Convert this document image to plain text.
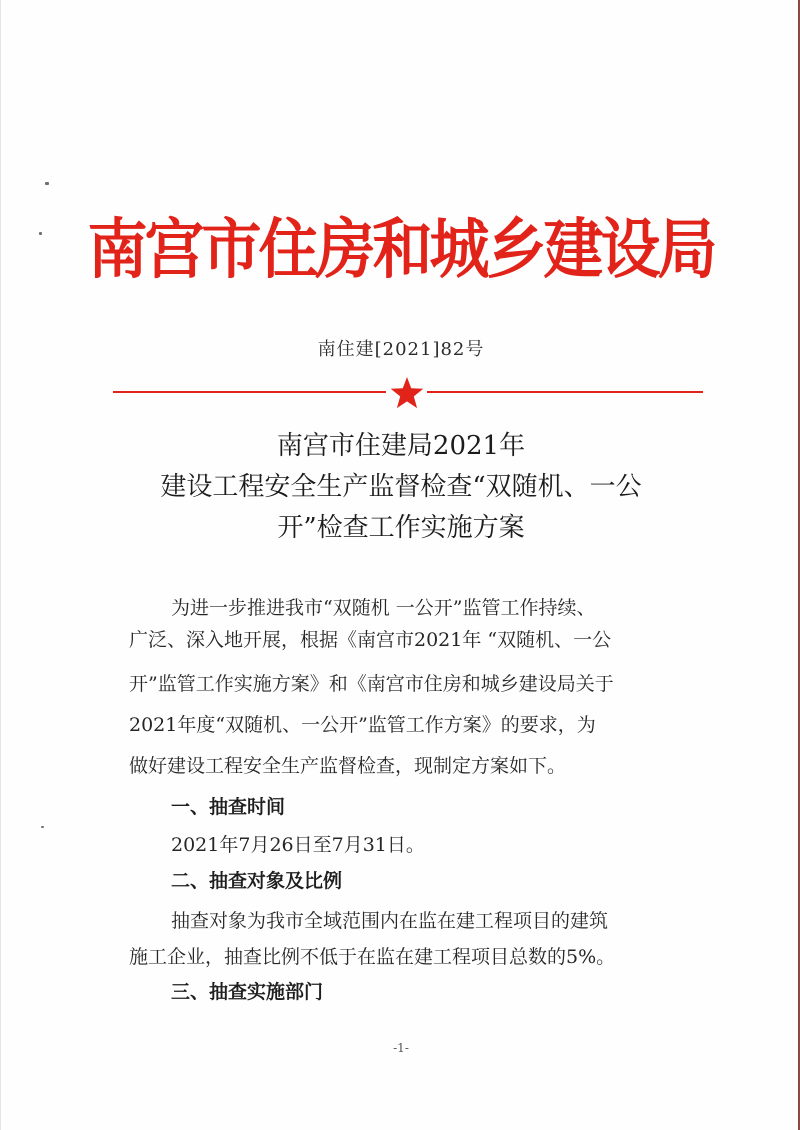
南宫市住房和城乡建设局
南住建[2021]82号
南宫市住建局2021年
建设工程安全生产监督检查“双随机、一公
开”检查工作实施方案
为进一步推进我市“双随机 一公开”监管工作持续、
广泛、深入地开展，根据《南宫市2021年 “双随机、一公
开”监管工作实施方案》和《南宫市住房和城乡建设局关于
2021年度“双随机、一公开”监管工作方案》的要求，为
做好建设工程安全生产监督检查，现制定方案如下。
一、抽查时间
2021年7月26日至7月31日。
二、抽查对象及比例
抽查对象为我市全域范围内在监在建工程项目的建筑
施工企业，抽查比例不低于在监在建工程项目总数的5%。
三、抽查实施部门
-1-
